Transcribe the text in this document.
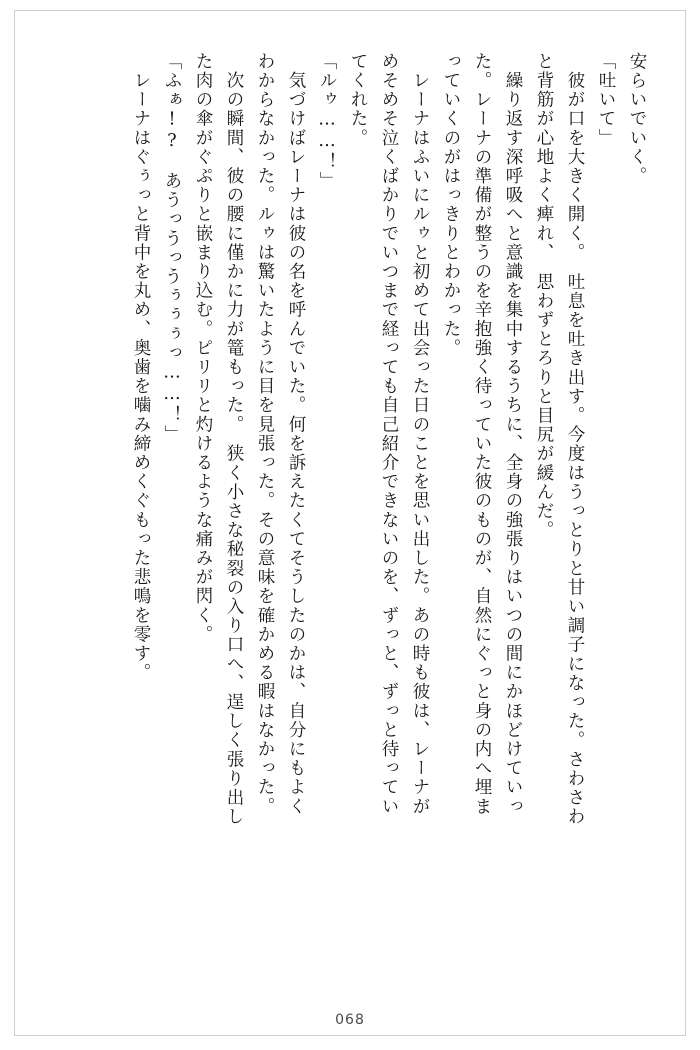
安らいでいく。
「吐いて」
　彼が口を大きく開く。　吐息を吐き出す。今度はうっとりと甘い調子になった。さわさわ
と背筋が心地よく痺れ、　思わずとろりと目尻が緩んだ。
　繰り返す深呼吸へと意識を集中するうちに、全身の強張りはいつの間にかほどけていっ
た。レーナの準備が整うのを辛抱強く待っていた彼のものが、自然にぐっと身の内へ埋ま
っていくのがはっきりとわかった。
　レーナはふいにルゥと初めて出会った日のことを思い出した。あの時も彼は、レーナが
めそめそ泣くばかりでいつまで経っても自己紹介できないのを、ずっと、ずっと待ってい
てくれた。
「ルゥ……！」
　気づけばレーナは彼の名を呼んでいた。何を訴えたくてそうしたのかは、自分にもよく
わからなかった。ルゥは驚いたように目を見張った。その意味を確かめる暇はなかった。
　次の瞬間、彼の腰に僅かに力が篭もった。　狭く小さな秘裂の入り口へ、逞しく張り出し
た肉の傘がぐぷりと嵌まり込む。ピリリと灼けるような痛みが閃く。
「ふぁ!?　あうっうっうぅぅぅっ……！」
　レーナはぐぅっと背中を丸め、奥歯を噛み締めくぐもった悲鳴を零す。
068
